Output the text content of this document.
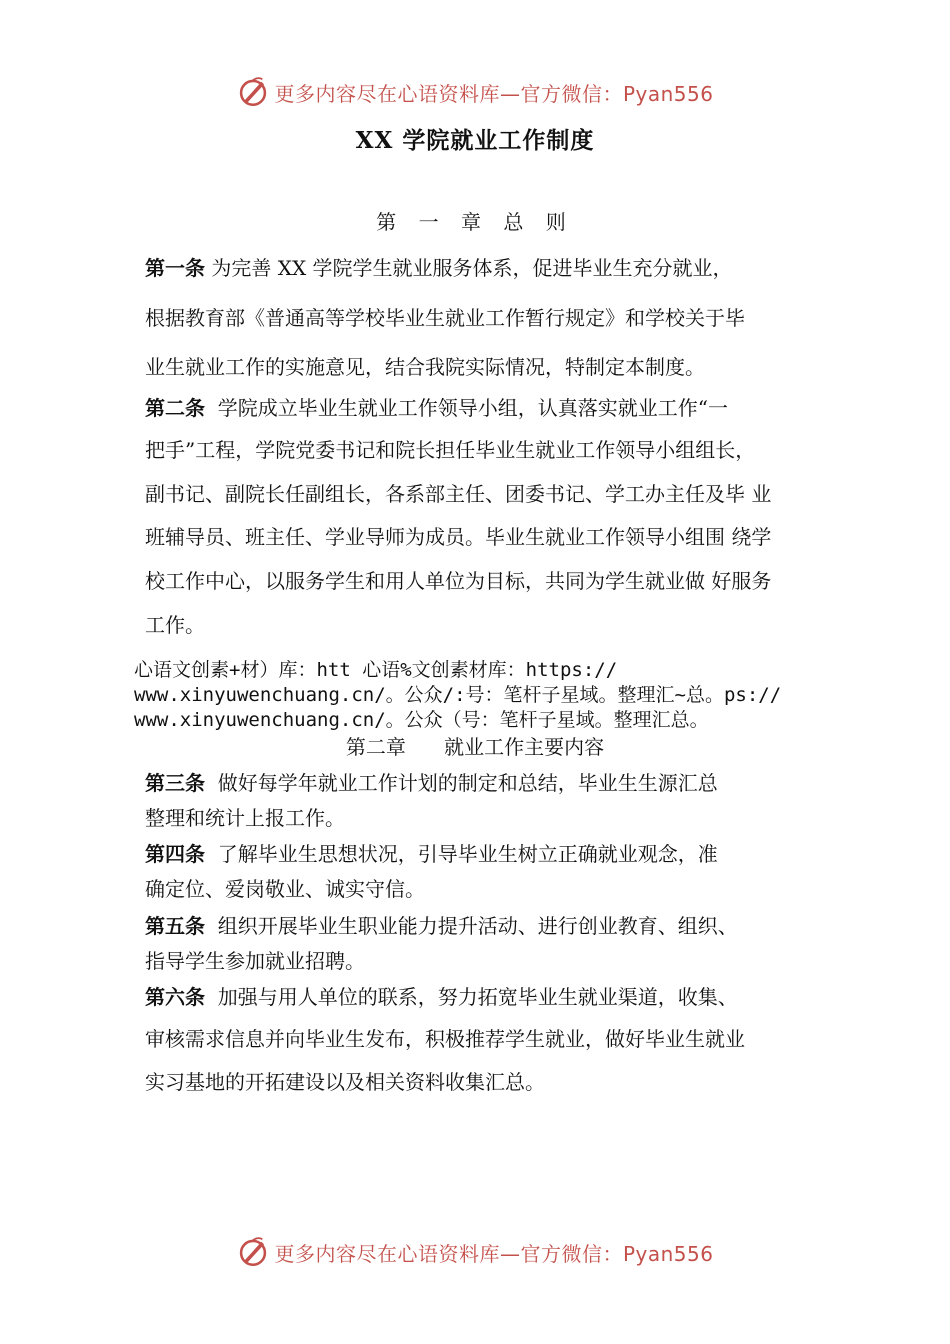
更多内容尽在心语资料库—官方微信：Pyan556
XX 学院就业工作制度
第 一 章 总 则
第一条 为完善 XX 学院学生就业服务体系，促进毕业生充分就业，
根据教育部《普通高等学校毕业生就业工作暂行规定》和学校关于毕
业生就业工作的实施意见，结合我院实际情况，特制定本制度。
第二条  学院成立毕业生就业工作领导小组，认真落实就业工作“一
把手”工程，学院党委书记和院长担任毕业生就业工作领导小组组长，
副书记、副院长任副组长，各系部主任、团委书记、学工办主任及毕 业
班辅导员、班主任、学业导师为成员。毕业生就业工作领导小组围 绕学
校工作中心，以服务学生和用人单位为目标，共同为学生就业做 好服务
工作。
心语文创素+材）库：htt 心语%文创素材库：https://
www.xinyuwenchuang.cn/。公众/:号：笔杆子星域。整理汇~总。ps://
www.xinyuwenchuang.cn/。公众（号：笔杆子星域。整理汇总。
第二章      就业工作主要内容
第三条  做好每学年就业工作计划的制定和总结，毕业生生源汇总
整理和统计上报工作。
第四条  了解毕业生思想状况，引导毕业生树立正确就业观念，准
确定位、爱岗敬业、诚实守信。
第五条  组织开展毕业生职业能力提升活动、进行创业教育、组织、
指导学生参加就业招聘。
第六条  加强与用人单位的联系，努力拓宽毕业生就业渠道，收集、
审核需求信息并向毕业生发布，积极推荐学生就业，做好毕业生就业
实习基地的开拓建设以及相关资料收集汇总。
更多内容尽在心语资料库—官方微信：Pyan556
